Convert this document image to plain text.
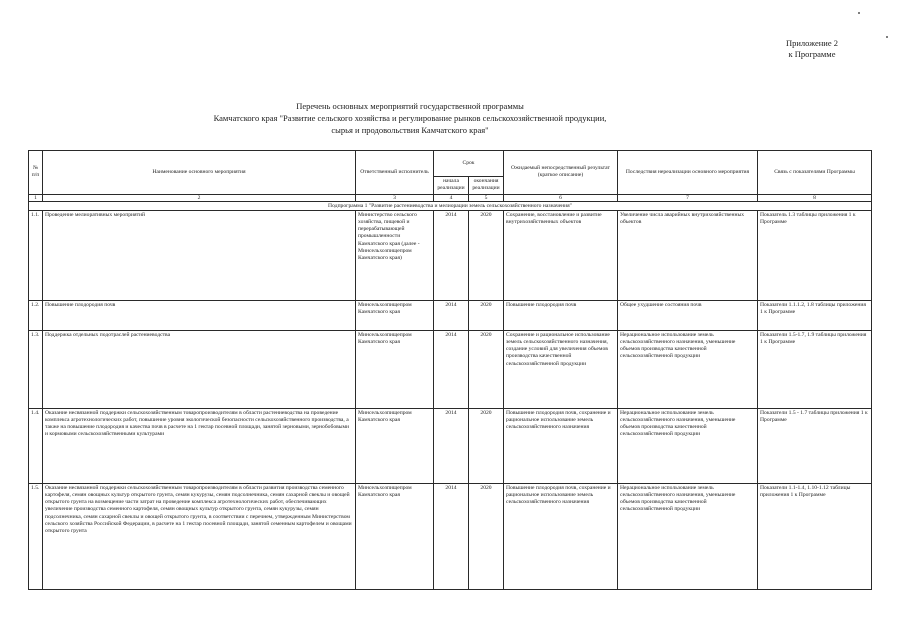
Приложение 2
к Программе
Перечень основных мероприятий государственной программы
Камчатского края "Развитие сельского хозяйства и регулирование рынков сельскохозяйственной продукции,
сырья и продовольствия Камчатского края"
№ п/п	Наименование основного мероприятия	Ответственный исполнитель	Срок		Ожидаемый непосредственный результат (краткое описание)	Последствия нереализации основного мероприятия	Связь с показателями Программы
			начала реализации	окончания реализации			
1	2	3	4	5	6	7	8
Подпрограмма 1 "Развитие растениеводства и мелиорации земель сельскохозяйственного назначения"							
1.1.	Проведение мелиоративных мероприятий	Министерство сельского хозяйства, пищевой и перерабатывающей промышленности Камчатского края (далее - Минсельхозпищепром Камчатского края)	2014	2020	Сохранение, восстановление и развитие внутрихозяйственных объектов	Увеличение числа аварийных внутрихозяйственных объектов	Показатель 1.3 таблицы приложения 1 к Программе
1.2.	Повышение плодородия почв	Минсельхозпищепром Камчатского края	2014	2020	Повышение плодородия почв	Общее ухудшение состояния почв	Показатели 1.1.1.2, 1.8 таблицы приложения 1 к Программе
1.3.	Поддержка отдельных подотраслей растениеводства	Минсельхозпищепром Камчатского края	2014	2020	Сохранение и рациональное использование земель сельскохозяйственного назначения, создание условий для увеличения объемов производства качественной сельскохозяйственной продукции	Нерациональное использование земель сельскохозяйственного назначения, уменьшение объемов производства качественной сельскохозяйственной продукции	Показатели 1.5-1.7, 1.9 таблицы приложения 1 к Программе
1.4.	Оказание несвязанной поддержки сельскохозяйственным товаропроизводителям в области растениеводства на проведение комплекса агротехнологических работ, повышение уровня экологической безопасности сельскохозяйственного производства, а также на повышение плодородия и качества почв в расчете на 1 гектар посевной площади, занятой зерновыми, зернобобовыми и кормовыми сельскохозяйственными культурами	Минсельхозпищепром Камчатского края	2014	2020	Повышение плодородия почв, сохранение и рациональное использование земель сельскохозяйственного назначения	Нерациональное использование земель сельскохозяйственного назначения, уменьшение объемов производства качественной сельскохозяйственной продукции	Показатели 1.5 - 1.7 таблицы приложения 1 к Программе
1.5.	Оказание несвязанной поддержки сельскохозяйственным товаропроизводителям в области развития производства семенного картофеля, семян овощных культур открытого грунта, семян кукурузы, семян подсолнечника, семян сахарной свеклы и овощей открытого грунта на возмещение части затрат на проведение комплекса агротехнологических работ, обеспечивающих увеличение производства семенного картофеля, семян овощных культур открытого грунта, семян кукурузы, семян подсолнечника, семян сахарной свеклы и овощей открытого грунта, в соответствии с перечнем, утвержденным Министерством сельского хозяйства Российской Федерации, в расчете на 1 гектар посевной площади, занятой семенным картофелем и овощами открытого грунта	Минсельхозпищепром Камчатского края	2014	2020	Повышение плодородия почв, сохранение и рациональное использование земель сельскохозяйственного назначения	Нерациональное использование земель сельскохозяйственного назначения, уменьшение объемов производства качественной сельскохозяйственной продукции	Показатели 1.1-1.4, 1.10-1.12 таблицы приложения 1 к Программе
